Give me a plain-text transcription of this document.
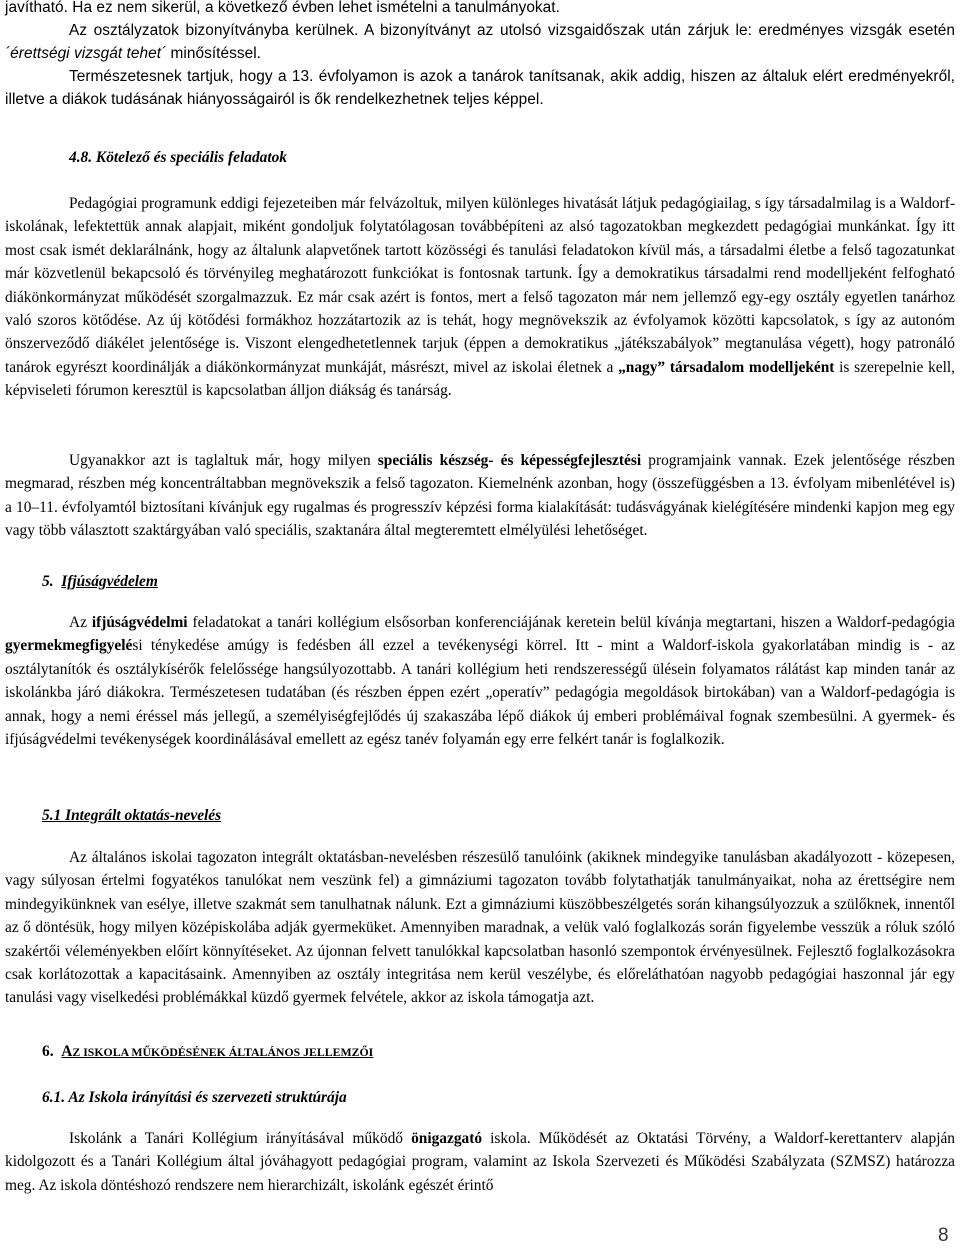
javítható. Ha ez nem sikerül, a következő évben lehet ismételni a tanulmányokat.

Az osztályzatok bizonyítványba kerülnek. A bizonyítványt az utolsó vizsgaidőszak után zárjuk le: eredményes vizsgák esetén ´érettségi vizsgát tehet´ minősítéssel.

Természetesnek tartjuk, hogy a 13. évfolyamon is azok a tanárok tanítsanak, akik addig, hiszen az általuk elért eredményekről, illetve a diákok tudásának hiányosságairól is ők rendelkezhetnek teljes képpel.

4.8. Kötelező és speciális feladatok

Pedagógiai programunk eddigi fejezeteiben már felvázoltuk, milyen különleges hivatását látjuk pedagógiailag, s így társadalmilag is a Waldorf-iskolának, lefektettük annak alapjait, miként gondoljuk folytatólagosan továbbépíteni az alsó tagozatokban megkezdett pedagógiai munkánkat. Így itt most csak ismét deklarálnánk, hogy az általunk alapvetőnek tartott közösségi és tanulási feladatokon kívül más, a társadalmi életbe a felső tagozatunkat már közvetlenül bekapcsoló és törvényileg meghatározott funkciókat is fontosnak tartunk. Így a demokratikus társadalmi rend modelljeként felfogható diákönkormányzat működését szorgalmazzuk. Ez már csak azért is fontos, mert a felső tagozaton már nem jellemző egy-egy osztály egyetlen tanárhoz való szoros kötődése. Az új kötődési formákhoz hozzátartozik az is tehát, hogy megnövekszik az évfolyamok közötti kapcsolatok, s így az autonóm önszerveződő diákélet jelentősége is. Viszont elengedhetetlennek tarjuk (éppen a demokratikus „játékszabályok” megtanulása végett), hogy patronáló tanárok egyrészt koordinálják a diákönkormányzat munkáját, másrészt, mivel az iskolai életnek a „nagy” társadalom modelljeként is szerepelnie kell, képviseleti fórumon keresztül is kapcsolatban álljon diákság és tanárság.

Ugyanakkor azt is taglaltuk már, hogy milyen speciális készség- és képességfejlesztési programjaink vannak. Ezek jelentősége részben megmarad, részben még koncentráltabban megnövekszik a felső tagozaton. Kiemelnénk azonban, hogy (összefüggésben a 13. évfolyam mibenlétével is) a 10–11. évfolyamtól biztosítani kívánjuk egy rugalmas és progresszív képzési forma kialakítását: tudásvágyának kielégítésére mindenki kapjon meg egy vagy több választott szaktárgyában való speciális, szaktanára által megteremtett elmélyülési lehetőséget.

5. Ifjúságvédelem

Az ifjúságvédelmi feladatokat a tanári kollégium elsősorban konferenciájának keretein belül kívánja megtartani, hiszen a Waldorf-pedagógia gyermekmegfigyelési ténykedése amúgy is fedésben áll ezzel a tevékenységi körrel. Itt - mint a Waldorf-iskola gyakorlatában mindig is - az osztálytanítók és osztálykísérők felelőssége hangsúlyozottabb. A tanári kollégium heti rendszerességű ülésein folyamatos rálátást kap minden tanár az iskolánkba járó diákokra. Természetesen tudatában (és részben éppen ezért „operatív” pedagógia megoldások birtokában) van a Waldorf-pedagógia is annak, hogy a nemi éréssel más jellegű, a személyiségfejlődés új szakaszába lépő diákok új emberi problémáival fognak szembesülni. A gyermek- és ifjúságvédelmi tevékenységek koordinálásával emellett az egész tanév folyamán egy erre felkért tanár is foglalkozik.

5.1 Integrált oktatás-nevelés

Az általános iskolai tagozaton integrált oktatásban-nevelésben részesülő tanulóink (akiknek mindegyike tanulásban akadályozott - közepesen, vagy súlyosan értelmi fogyatékos tanulókat nem veszünk fel) a gimnáziumi tagozaton tovább folytathatják tanulmányaikat, noha az érettségire nem mindegyikünknek van esélye, illetve szakmát sem tanulhatnak nálunk. Ezt a gimnáziumi küszöbbeszélgetés során kihangsúlyozzuk a szülőknek, innentől az ő döntésük, hogy milyen középiskolába adják gyermeküket. Amennyiben maradnak, a velük való foglalkozás során figyelembe vesszük a róluk szóló szakértői véleményekben előírt könnyítéseket. Az újonnan felvett tanulókkal kapcsolatban hasonló szempontok érvényesülnek. Fejlesztő foglalkozásokra csak korlátozottak a kapacitásaink. Amennyiben az osztály integritása nem kerül veszélybe, és előreláthatóan nagyobb pedagógiai haszonnal jár egy tanulási vagy viselkedési problémákkal küzdő gyermek felvétele, akkor az iskola támogatja azt.

6. AZ ISKOLA MŰKÖDÉSÉNEK ÁLTALÁNOS JELLEMZŐI

6.1. Az Iskola irányítási és szervezeti struktúrája

Iskolánk a Tanári Kollégium irányításával működő önigazgató iskola. Működését az Oktatási Törvény, a Waldorf-kerettanterv alapján kidolgozott és a Tanári Kollégium által jóváhagyott pedagógiai program, valamint az Iskola Szervezeti és Működési Szabályzata (SZMSZ) határozza meg. Az iskola döntéshozó rendszere nem hierarchizált, iskolánk egészét érintő

8
